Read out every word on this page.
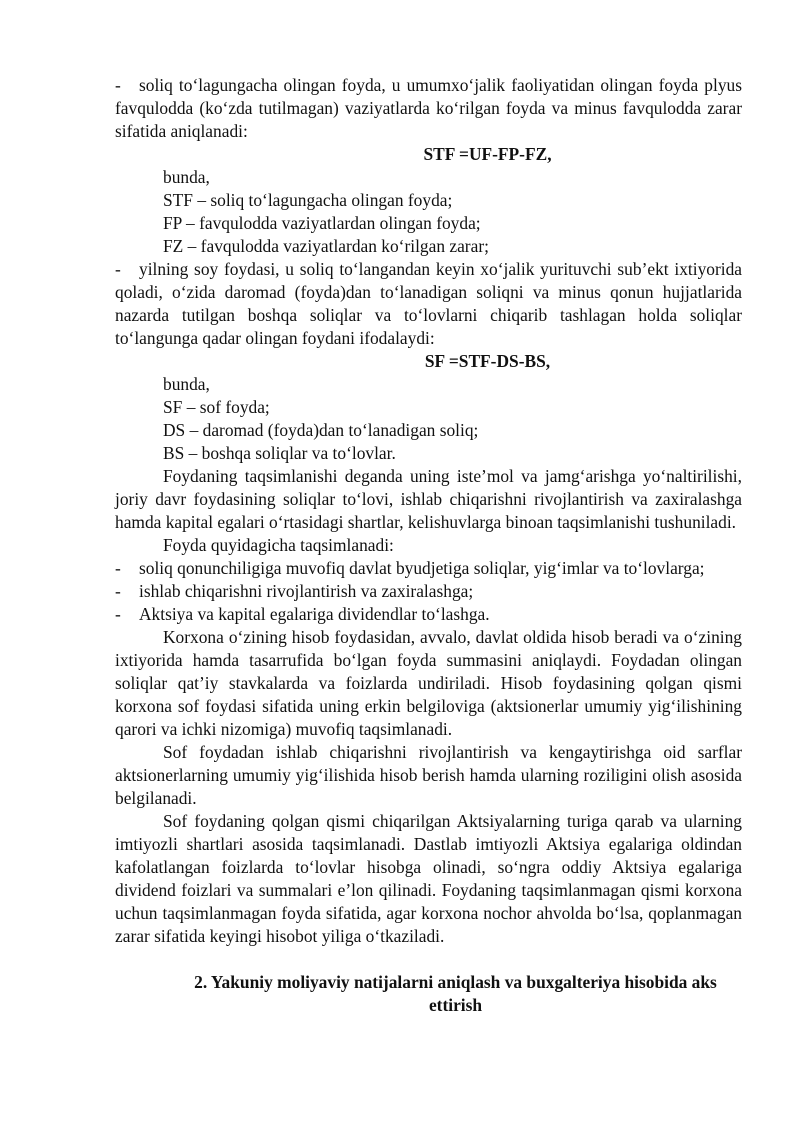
- soliq to‘lagungacha olingan foyda, u umumxo‘jalik faoliyatidan olingan foyda plyus favqulodda (ko‘zda tutilmagan) vaziyatlarda ko‘rilgan foyda va minus favqulodda zarar sifatida aniqlanadi:

STF =UF-FP-FZ,

bunda,

STF – soliq to‘lagungacha olingan foyda;

FP – favqulodda vaziyatlardan olingan foyda;

FZ – favqulodda vaziyatlardan ko‘rilgan zarar;

- yilning soy foydasi, u soliq to‘langandan keyin xo‘jalik yurituvchi sub’ekt ixtiyorida qoladi, o‘zida daromad (foyda)dan to‘lanadigan soliqni va minus qonun hujjatlarida nazarda tutilgan boshqa soliqlar va to‘lovlarni chiqarib tashlagan holda soliqlar to‘langunga qadar olingan foydani ifodalaydi:

SF =STF-DS-BS,

bunda,

SF – sof foyda;

DS – daromad (foyda)dan to‘lanadigan soliq;

BS – boshqa soliqlar va to‘lovlar.

Foydaning taqsimlanishi deganda uning iste’mol va jamg‘arishga yo‘naltirilishi, joriy davr foydasining soliqlar to‘lovi, ishlab chiqarishni rivojlantirish va zaxiralashga hamda kapital egalari o‘rtasidagi shartlar, kelishuvlarga binoan taqsimlanishi tushuniladi.

Foyda quyidagicha taqsimlanadi:

- soliq qonunchiligiga muvofiq davlat byudjetiga soliqlar, yig‘imlar va to‘lovlarga;

- ishlab chiqarishni rivojlantirish va zaxiralashga;

- Aktsiya va kapital egalariga dividendlar to‘lashga.

Korxona o‘zining hisob foydasidan, avvalo, davlat oldida hisob beradi va o‘zining ixtiyorida hamda tasarrufida bo‘lgan foyda summasini aniqlaydi. Foydadan olingan soliqlar qat’iy stavkalarda va foizlarda undiriladi. Hisob foydasining qolgan qismi korxona sof foydasi sifatida uning erkin belgiloviga (aktsionerlar umumiy yig‘ilishining qarori va ichki nizomiga) muvofiq taqsimlanadi.

Sof foydadan ishlab chiqarishni rivojlantirish va kengaytirishga oid sarflar aktsionerlarning umumiy yig‘ilishida hisob berish hamda ularning roziligini olish asosida belgilanadi.

Sof foydaning qolgan qismi chiqarilgan Aktsiyalarning turiga qarab va ularning imtiyozli shartlari asosida taqsimlanadi. Dastlab imtiyozli Aktsiya egalariga oldindan kafolatlangan foizlarda to‘lovlar hisobga olinadi, so‘ngra oddiy Aktsiya egalariga dividend foizlari va summalari e’lon qilinadi. Foydaning taqsimlanmagan qismi korxona uchun taqsimlanmagan foyda sifatida, agar korxona nochor ahvolda bo‘lsa, qoplanmagan zarar sifatida keyingi hisobot yiliga o‘tkaziladi.

2. Yakuniy moliyaviy natijalarni aniqlash va buxgalteriya hisobida aks ettirish
